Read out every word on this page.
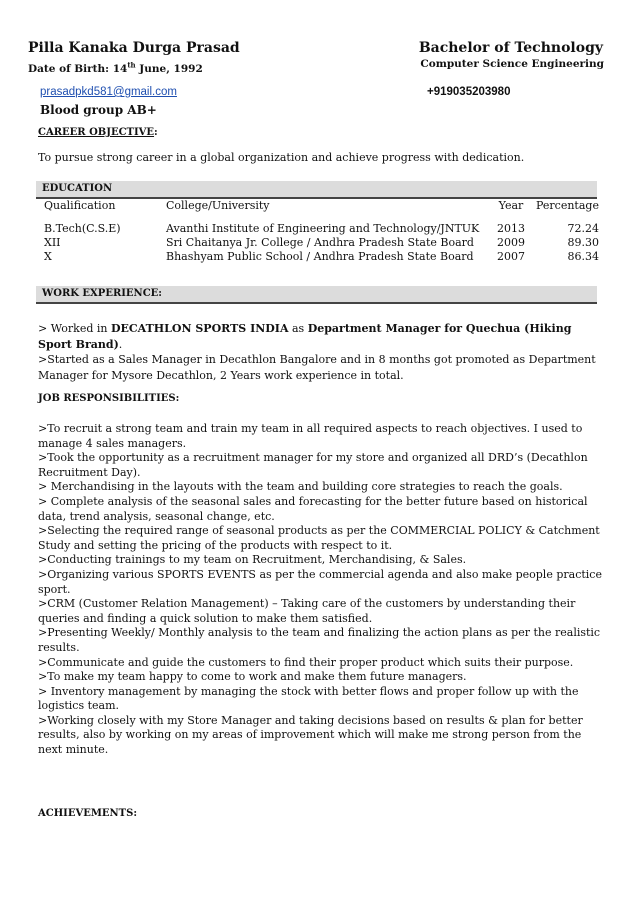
Pilla Kanaka Durga Prasad
Date of Birth: 14th June, 1992
Bachelor of Technology
Computer Science Engineering
prasadpkd581@gmail.com	+919035203980
Blood group AB+
CAREER OBJECTIVE:
To pursue strong career in a global organization and achieve progress with dedication.
EDUCATION
Qualification	College/University	Year	Percentage
B.Tech(C.S.E)	Avanthi Institute of Engineering and Technology/JNTUK	2013	72.24
XII	Sri Chaitanya Jr. College / Andhra Pradesh State Board	2009	89.30
X	Bhashyam Public School / Andhra Pradesh State Board	2007	86.34
WORK EXPERIENCE:

> Worked in DECATHLON SPORTS INDIA as Department Manager for Quechua (Hiking Sport Brand).

>Started as a Sales Manager in Decathlon Bangalore and in 8 months got promoted as Department Manager for Mysore Decathlon, 2 Years work experience in total.

JOB RESPONSIBILITIES:

>To recruit a strong team and train my team in all required aspects to reach objectives. I used to manage 4 sales managers.

>Took the opportunity as a recruitment manager for my store and organized all DRD’s (Decathlon Recruitment Day).

> Merchandising in the layouts with the team and building core strategies to reach the goals.

> Complete analysis of the seasonal sales and forecasting for the better future based on historical data, trend analysis, seasonal change, etc.

>Selecting the required range of seasonal products as per the COMMERCIAL POLICY & Catchment Study and setting the pricing of the products with respect to it.

>Conducting trainings to my team on Recruitment, Merchandising, & Sales.

>Organizing various SPORTS EVENTS as per the commercial agenda and also make people practice sport.

>CRM (Customer Relation Management) – Taking care of the customers by understanding their queries and finding a quick solution to make them satisfied.

>Presenting Weekly/ Monthly analysis to the team and finalizing the action plans as per the realistic results.

>Communicate and guide the customers to find their proper product which suits their purpose.

>To make my team happy to come to work and make them future managers.

> Inventory management by managing the stock with better flows and proper follow up with the logistics team.

>Working closely with my Store Manager and taking decisions based on results & plan for better results, also by working on my areas of improvement which will make me strong person from the next minute.

ACHIEVEMENTS:
